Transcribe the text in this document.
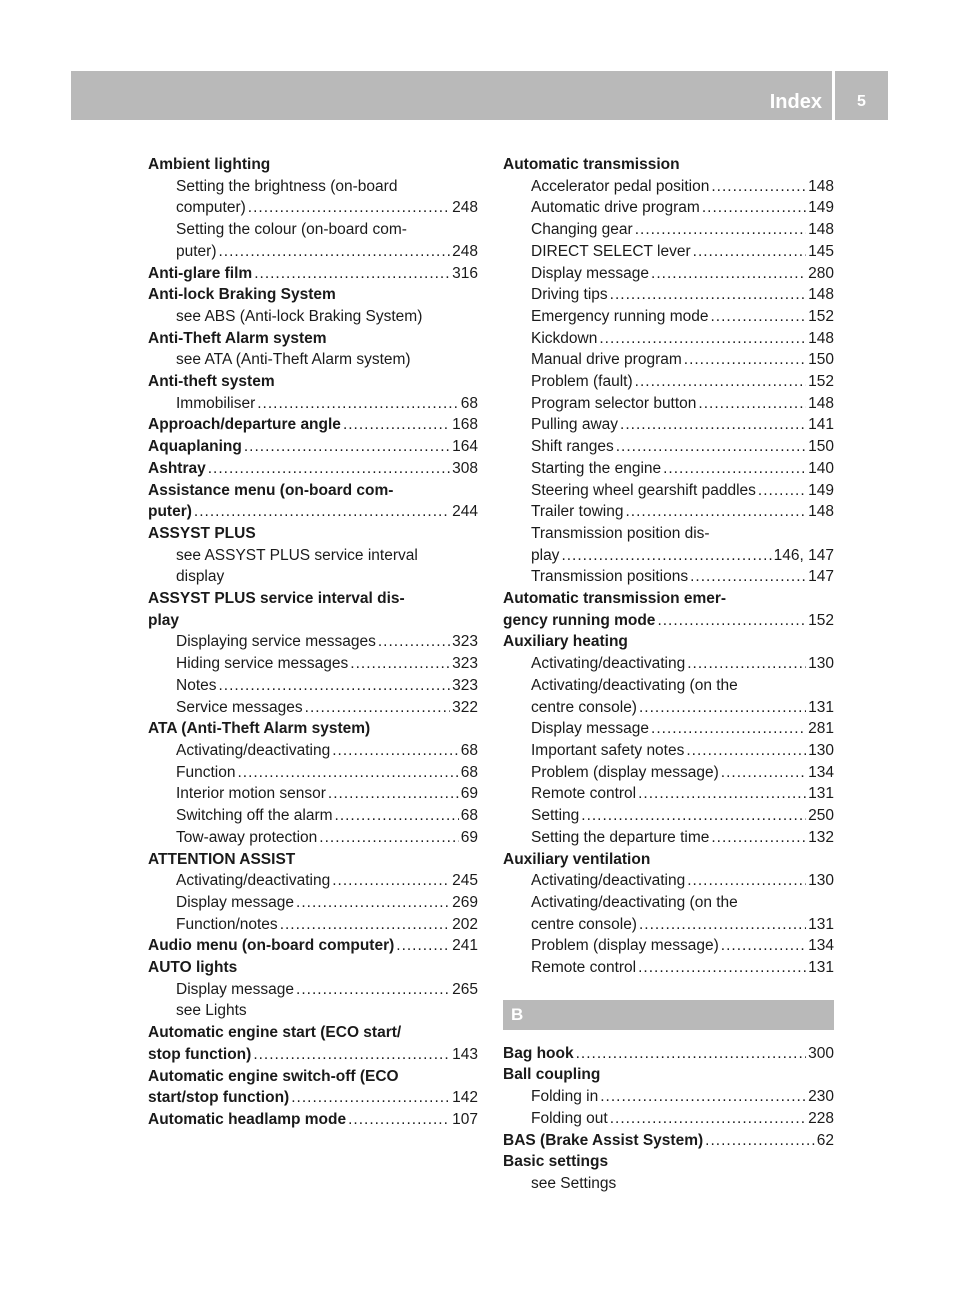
Index	5
Ambient lighting
Setting the brightness (on-board
computer) .....	248
Setting the colour (on-board com-
puter) .....	248
Anti-glare film .....	316
Anti-lock Braking System
see ABS (Anti-lock Braking System)
Anti-Theft Alarm system
see ATA (Anti-Theft Alarm system)
Anti-theft system
Immobiliser .....	68
Approach/departure angle .....	168
Aquaplaning .....	164
Ashtray .....	308
Assistance menu (on-board com-
puter) .....	244
ASSYST PLUS
see ASSYST PLUS service interval
display
ASSYST PLUS service interval dis-
play
Displaying service messages .....	323
Hiding service messages .....	323
Notes .....	323
Service messages .....	322
ATA (Anti-Theft Alarm system)
Activating/deactivating .....	68
Function .....	68
Interior motion sensor .....	69
Switching off the alarm .....	68
Tow-away protection .....	69
ATTENTION ASSIST
Activating/deactivating .....	245
Display message .....	269
Function/notes .....	202
Audio menu (on-board computer) .....	241
AUTO lights
Display message .....	265
see Lights
Automatic engine start (ECO start/
stop function) .....	143
Automatic engine switch-off (ECO
start/stop function) .....	142
Automatic headlamp mode .....	107
Automatic transmission
Accelerator pedal position .....	148
Automatic drive program .....	149
Changing gear .....	148
DIRECT SELECT lever .....	145
Display message .....	280
Driving tips .....	148
Emergency running mode .....	152
Kickdown .....	148
Manual drive program .....	150
Problem (fault) .....	152
Program selector button .....	148
Pulling away .....	141
Shift ranges .....	150
Starting the engine .....	140
Steering wheel gearshift paddles .....	149
Trailer towing .....	148
Transmission position dis-
play .....	146, 147
Transmission positions .....	147
Automatic transmission emer-
gency running mode .....	152
Auxiliary heating
Activating/deactivating .....	130
Activating/deactivating (on the
centre console) .....	131
Display message .....	281
Important safety notes .....	130
Problem (display message) .....	134
Remote control .....	131
Setting .....	250
Setting the departure time .....	132
Auxiliary ventilation
Activating/deactivating .....	130
Activating/deactivating (on the
centre console) .....	131
Problem (display message) .....	134
Remote control .....	131
B
Bag hook .....	300
Ball coupling
Folding in .....	230
Folding out .....	228
BAS (Brake Assist System) .....	62
Basic settings
see Settings
